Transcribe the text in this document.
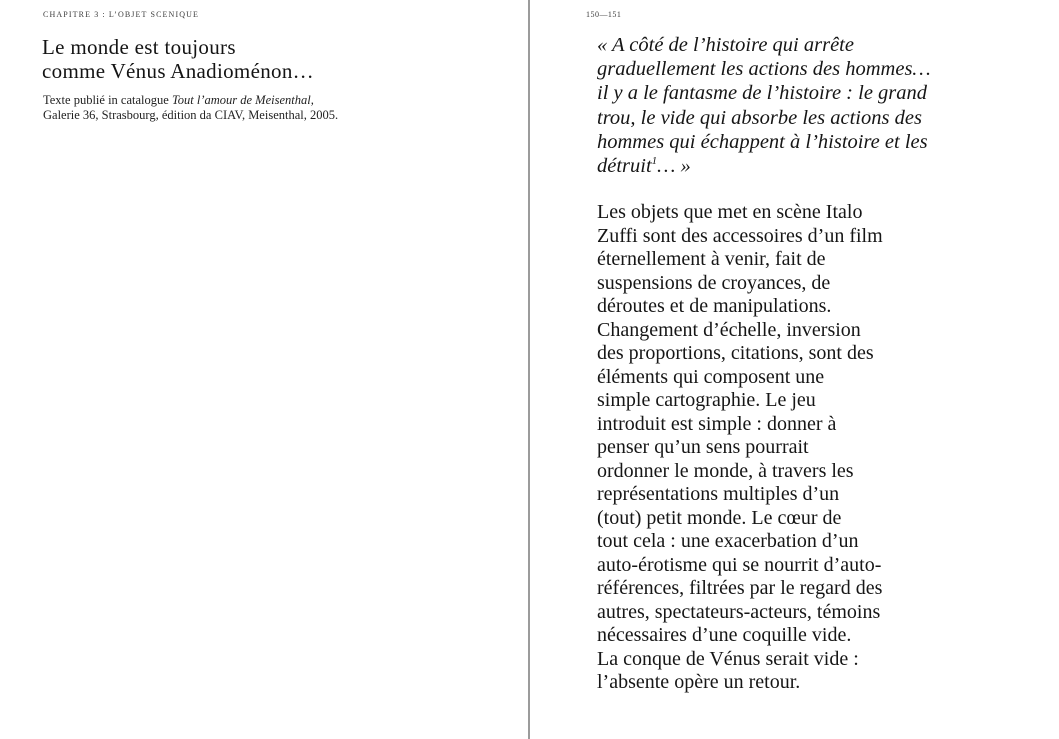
CHAPITRE 3 : L’OBJET SCENIQUE
Le monde est toujours
comme Vénus Anadioménon…

Texte publié in catalogue Tout l’amour de Meisenthal,
Galerie 36, Strasbourg, édition da CIAV, Meisenthal, 2005.

150—151
« A côté de l’histoire qui arrête
graduellement les actions des hommes…
il y a le fantasme de l’histoire : le grand
trou, le vide qui absorbe les actions des
hommes qui échappent à l’histoire et les
détruit$^1$… »
Les objets que met en scène Italo
Zuffi sont des accessoires d’un film
éternellement à venir, fait de
suspensions de croyances, de
déroutes et de manipulations.
Changement d’échelle, inversion
des proportions, citations, sont des
éléments qui composent une
simple cartographie. Le jeu
introduit est simple : donner à
penser qu’un sens pourrait
ordonner le monde, à travers les
représentations multiples d’un
(tout) petit monde. Le cœur de
tout cela : une exacerbation d’un
auto-érotisme qui se nourrit d’auto-
références, filtrées par le regard des
autres, spectateurs-acteurs, témoins
nécessaires d’une coquille vide.
La conque de Vénus serait vide :
l’absente opère un retour.
